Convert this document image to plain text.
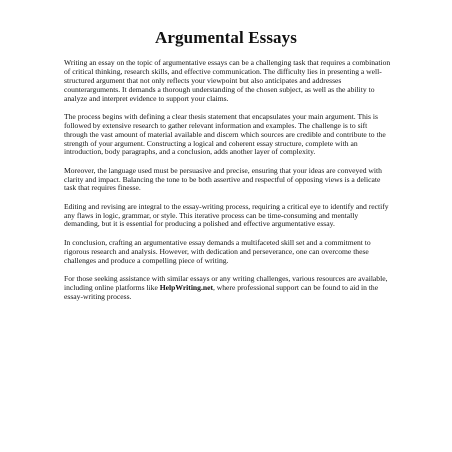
Argumental Essays

Writing an essay on the topic of argumentative essays can be a challenging task that requires a combination of critical thinking, research skills, and effective communication. The difficulty lies in presenting a well-structured argument that not only reflects your viewpoint but also anticipates and addresses counterarguments. It demands a thorough understanding of the chosen subject, as well as the ability to analyze and interpret evidence to support your claims.

The process begins with defining a clear thesis statement that encapsulates your main argument. This is followed by extensive research to gather relevant information and examples. The challenge is to sift through the vast amount of material available and discern which sources are credible and contribute to the strength of your argument. Constructing a logical and coherent essay structure, complete with an introduction, body paragraphs, and a conclusion, adds another layer of complexity.

Moreover, the language used must be persuasive and precise, ensuring that your ideas are conveyed with clarity and impact. Balancing the tone to be both assertive and respectful of opposing views is a delicate task that requires finesse.

Editing and revising are integral to the essay-writing process, requiring a critical eye to identify and rectify any flaws in logic, grammar, or style. This iterative process can be time-consuming and mentally demanding, but it is essential for producing a polished and effective argumentative essay.

In conclusion, crafting an argumentative essay demands a multifaceted skill set and a commitment to rigorous research and analysis. However, with dedication and perseverance, one can overcome these challenges and produce a compelling piece of writing.

For those seeking assistance with similar essays or any writing challenges, various resources are available, including online platforms like HelpWriting.net, where professional support can be found to aid in the essay-writing process.
